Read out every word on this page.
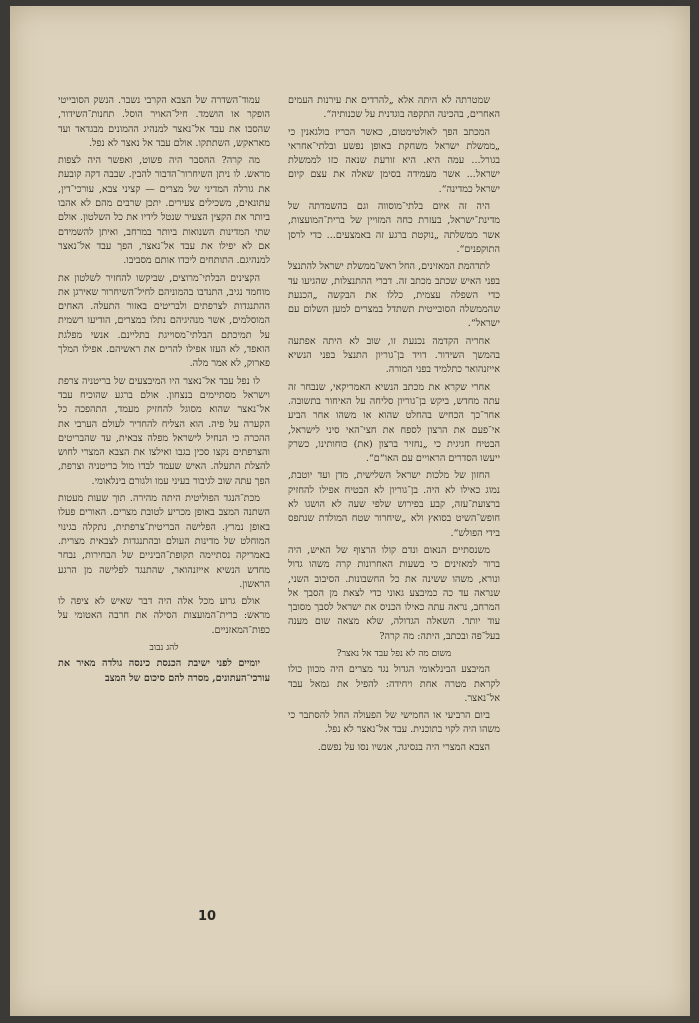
שמטרתה לא היתה אלא „להרדים את עירנות העמים האחרים, בהכינה התקפה בוגדנית על שכנותיה“.

המכתב הפך לאולטימטום, כאשר הכריז בולגאנין כי „ממשלת ישראל משחקת באופן נפשע ובלתי־אחראי בגורל... עמה היא. היא זורעת שנאה כזו לממשלת ישראל... אשר מעמידה בסימן שאלה את עצם קיום ישראל כמדינה“.

היה זה איום בלתי־מוסווה וגם בהשמדתה של מדינת־ישראל, בעזרת כחה המזויין של ברית־המועצות, אשר ממשלתה „נוקטת ברגע זה באמצעים... כדי לרסן התוקפנים“.

לתדהמת המאזינים, החל ראש־ממשלת ישראל להתנצל בפני האיש שכתב מכתב זה. דברי ההתנצלות, שהגיעו עד כדי השפלה עצמית, כללו את הבקשה „הכנעת שהממשלה הסובייטית תשתדל במצרים למען השלום עם ישראל“.

אחריה הקדמה נכנעת זו, שוב לא היתה אפתעה בהמשך השידור. דויד בן־גוריון התנצל בפני הנשיא אייזנהואר כתלמיד בפני המורה.

אחרי שקרא את מכתב הנשיא האמריקאי, שנבחר זה עתה מחדש, ביקש בן־גוריון סליחה על האיחור בתשובה. אחר־כך הכחיש בהחלט שהוא או משהו אחר הביע אי־פעם את הרצון לספח את חצי־האי סיני לישראל, הבטיח חגיגית כי „נחזיר ברצון (את) כוחותינו, כשרק ייעשו הסדרים הראויים עם האו“ם“.

החזון של מלכות ישראל השלישית, מדן ועד יוטבת, נמוג כאילו לא היה. בן־גוריון לא הבטיח אפילו להחזיק ברצועת־עזה, קבע בפירוש שלפי שעה לא הושגו לא חופש־השיט בסואץ ולא „שיחרור שטח המולדת שנתפס בידי הפולש“.

משנסתיים הנאום ונדם קולו הרצוף של האיש, היה ברור למאזינים כי בשעות האחרונות קרה משהו גדול ונורא, משהו ששינה את כל החשבונות. הסיבוב השני, שנראה עד כה כמיבצע גאוני כדי לצאת מן הסבך אל המרחב, נראה עתה כאילו הכניס את ישראל לסבך מסובך עוד יותר. השאלה הגדולה, שלא מצאה שום מענה בעל־פה ובכתב, היתה: מה קרה?

משום מה לא נפל עבד אל נאצר?

המיבצע הבינלאומי הגדול נגד מצרים היה מכוון כולו לקראת מטרה אחת ויחידה: להפיל את גמאל עבד אל־נאצר.

ביום הרביעי או החמישי של הפעולה החל להסתבר כי משהו היה לקוי בתוכנית. עבד אל־נאצר לא נפל.

הצבא המצרי היה בנסיגה, אנשיו נסו על נפשם.

עמוד־השדרה של הצבא הקרבי נשבר. הנשק הסובייטי הופקר או הושמד. חיל־האויר הוסל. תחנות־השידור, שהסבו את עבד אל־נאצר למנהיג ההמונים מבגדאד ועד מאראקש, השתתקו. אולם עבד אל נאצר לא נפל.

מה קרה? ההסבר היה פשוט, ואפשר היה לצפות מראש. לו ניתן השיחרור־הדבור להבין. שבבה דקה קובעת את גורלה המדיני של מצרים — קציני צבא, עורכי־דין, עתונאים, משכילים צעירים. יתכן שרבים מהם לא אהבו ביותר את הקצין הצעיר שנטל לידיו את כל השלטון. אולם שתי המדינות השנואות ביותר במרחב, ואיתן להשמידם אם לא יפילו את עבד אל־נאצר, הפך עבד אל־נאצר למנהיגם. התותחים ליכדו אותם מסביבו.

הקצינים הבלתי־מרוצים, שביקשו להחזיר לשלטון את מוחמד נגיב, התנדבו בהמוניהם לחיל־השיחרור שאירגן את ההתנגדות לצרפתים ולבריטים באזור התעלה. האחים המוסלמים, אשר מנהיגיהם נתלו במצרים, הודיעו רשמית על תמיכתם הבלתי־מסוייגת בתליינם. אנשי מפלגת הואפד, לא העזו אפילו להרים את ראשיהם. אפילו המלך פארוק, לא אמר מלה.

לו נפל עבד אל־נאצר היו המיבצעים של בריטניה צרפת וישראל מסתיימים בנצחון. אולם ברגע שהוכיח עבד אל־נאצר שהוא מסוגל להחזיק מעמד, התהפכה כל הקערה על פיה. הוא הצליח להחדיר לעולם הערבי את ההכרה כי הנחיל לישראל מפלה צבאית, עד שהבריטים והצרפתים נקצו סכין בגבו ואילצו את הצבא המצרי לחוש להצלת התעלה. האיש שעמד לבדו מול בריטניה וצרפת, הפך עתה שוב לגיבור בעיני עמו ולגורם בינלאומי.

מכת־הנגד הפוליטית היתה מהירה. תוך שעות מעטות השתנה המצב באופן מכריע לטובת מצרים. האורים פעלו באופן נמרץ. הפלישה הבריטית־צרפתית, נתקלה בגינוי המוחלט של מדינות העולם ובהתנגדות לצבאית מצרית. באמריקה נסתיימה תקופת־הביניים של הבחירות, נבחר מחדש הנשיא אייזנהואר, שהתנגד לפלישה מן הרגע הראשון.

אולם גרוע מכל אלה היה דבר שאיש לא ציפה לו מראש: ברית־המועצות הסילה את חרבה האטומי על כפות־המאזניים.

להג נבוב

יומיים לפני ישיבת הכנסת כינסה גולדה מאיר את עורכי־העתונים, מסרה להם סיכום של המצב

10
